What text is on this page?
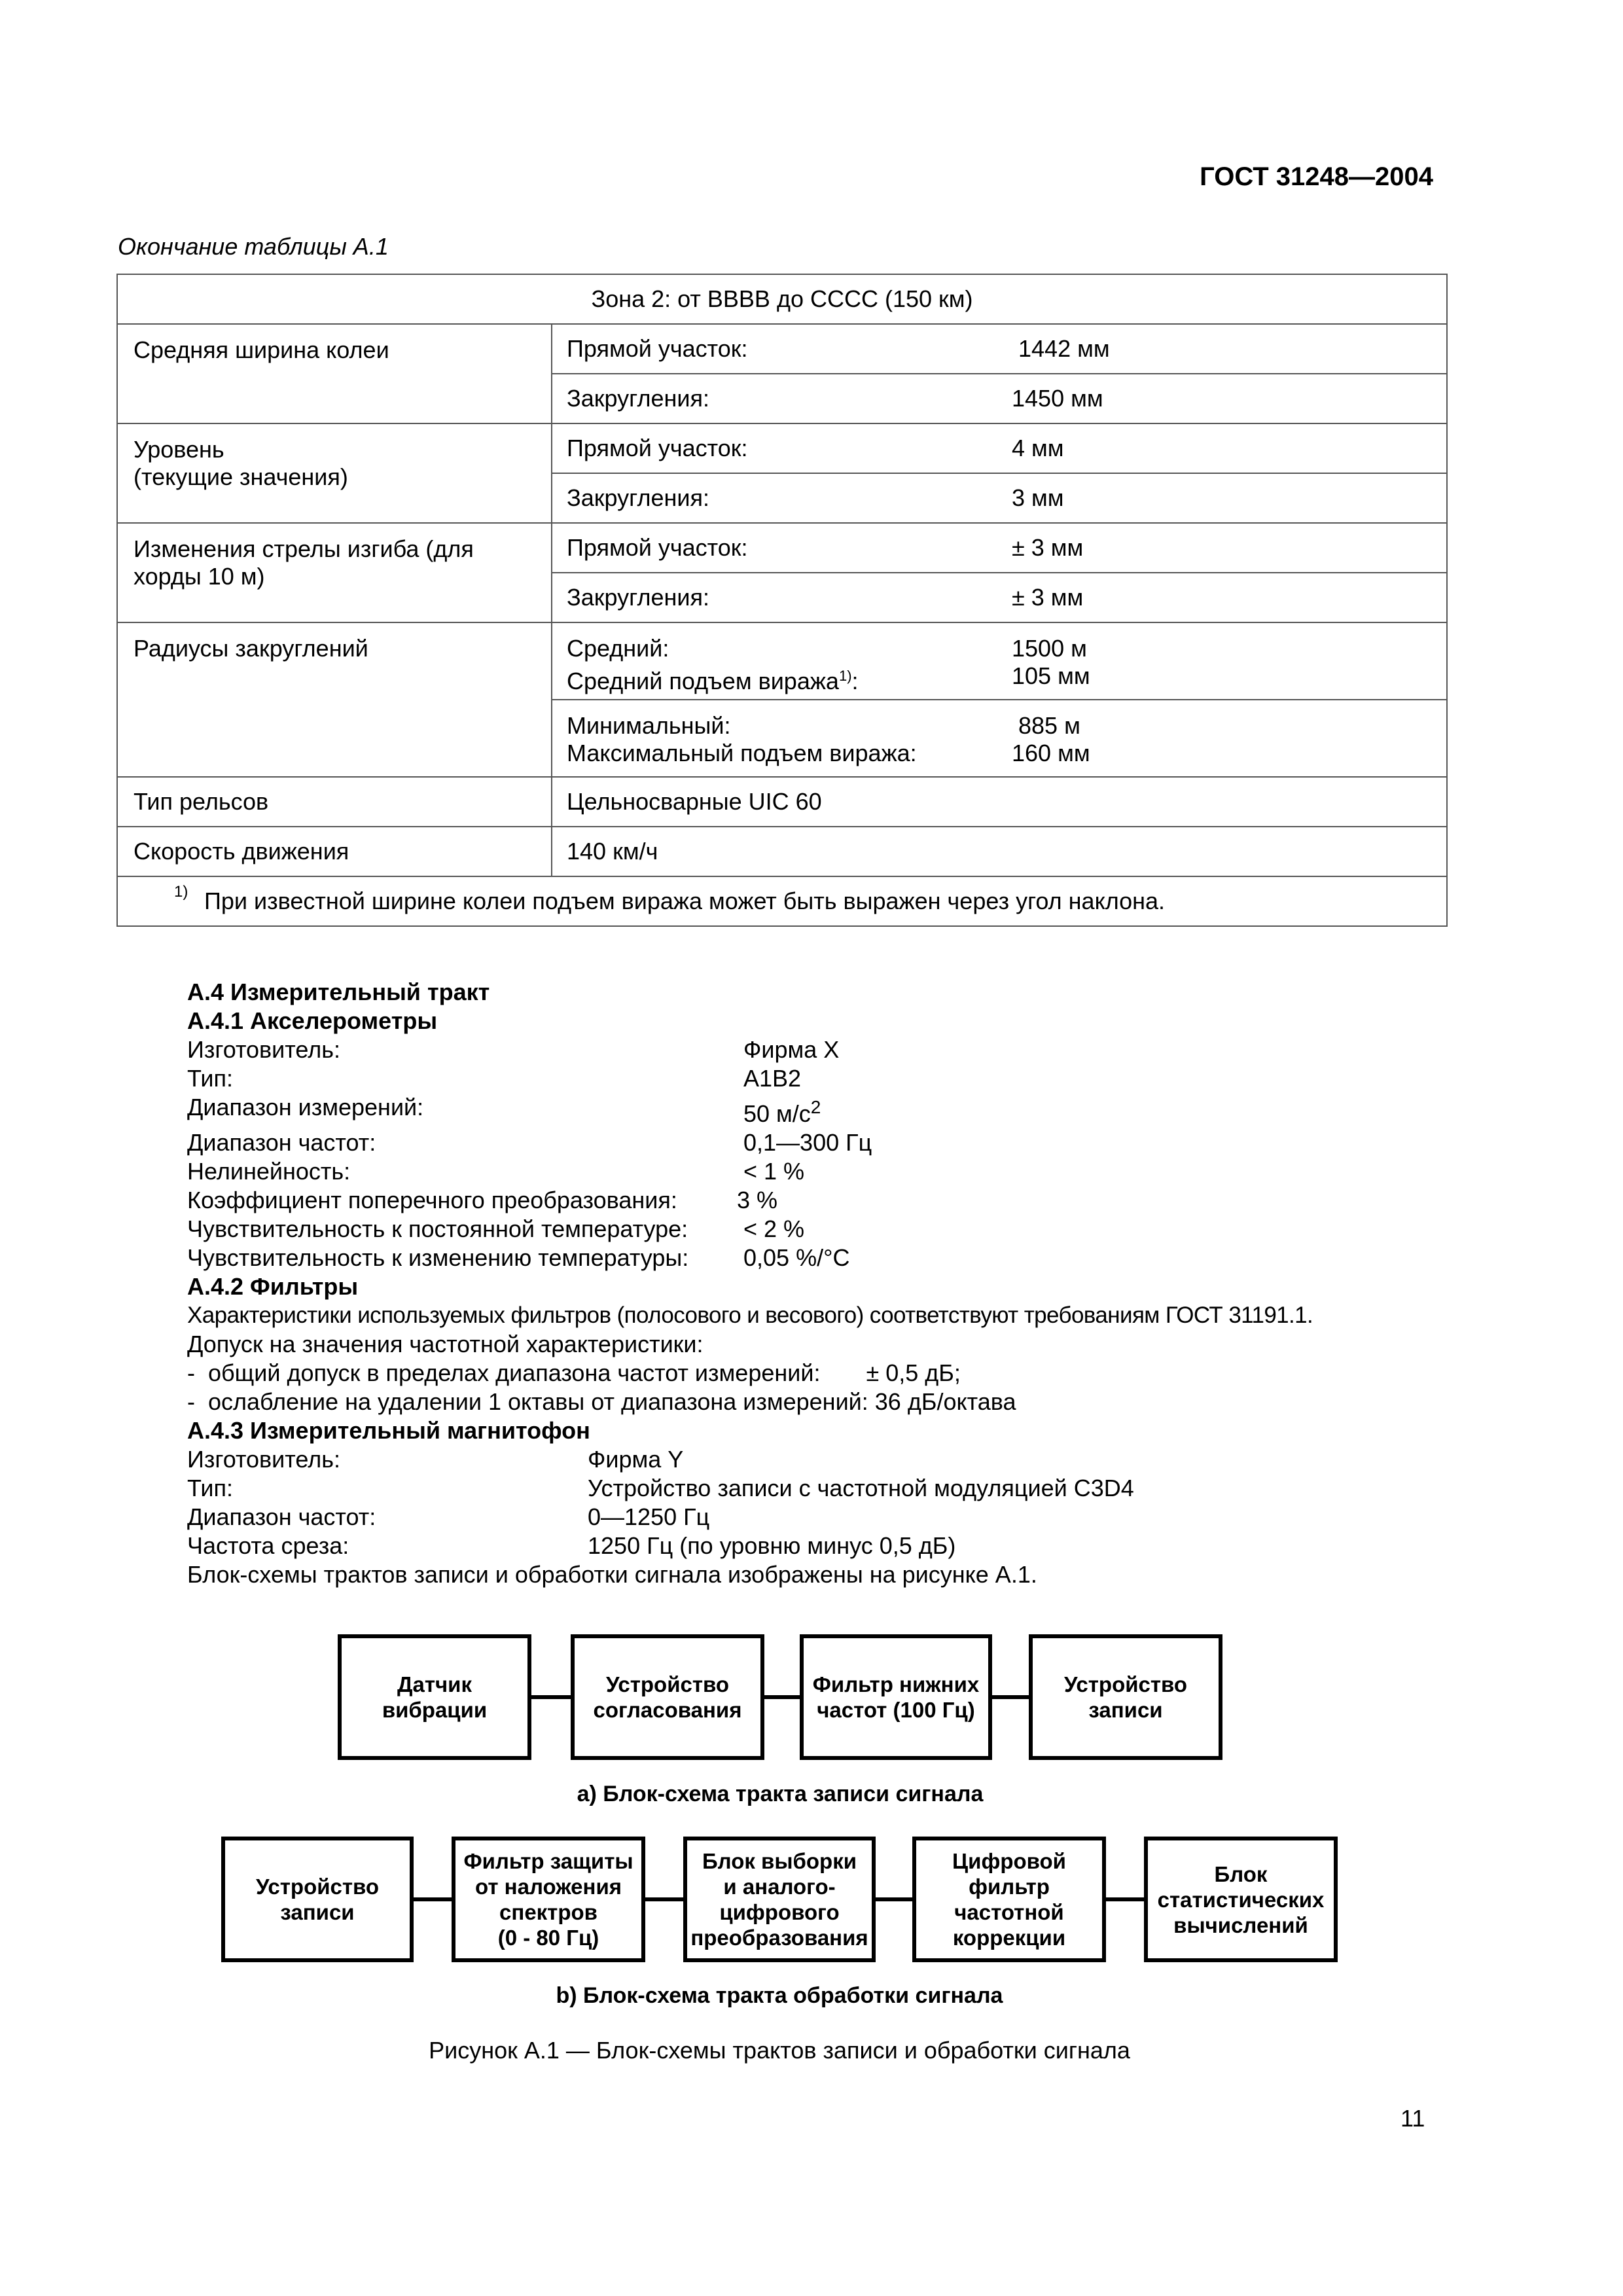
ГОСТ 31248—2004
Окончание таблицы А.1
Зона 2: от ВВВВ до СССС (150 км)	
Средняя ширина колеи	Прямой участок: 1442 мм

	Закругления: 1450 мм

Уровень
(текущие значения)	Прямой участок: 4 мм

	Закругления: 3 мм

Изменения стрелы изгиба (для
хорды 10 м)	Прямой участок: ± 3 мм

	Закругления: ± 3 мм

Радиусы закруглений	Средний: 1500 м
Средний подъем виража$^{1)}$: 105 мм

	Минимальный: 885 м
Максимальный подъем виража: 160 мм

Тип рельсов	Цельносварные UIC 60

Скорость движения	140 км/ч

1) При известной ширине колеи подъем виража может быть выражен через угол наклона.	
А.4 Измерительный тракт
А.4.1 Акселерометры
Изготовитель:	Фирма X
Тип:	A1B2
Диапазон измерений:	50 $м/с^2$
Диапазон частот:	0,1—300 Гц
Нелинейность:	< 1 %
Коэффициент поперечного преобразования:	3 %
Чувствительность к постоянной температуре:	< 2 %
Чувствительность к изменению температуры:	0,05 %/°С
А.4.2 Фильтры
Характеристики используемых фильтров (полосового и весового) соответствуют требованиям ГОСТ 31191.1.
Допуск на значения частотной характеристики:
-  общий допуск в пределах диапазона частот измерений:       ± 0,5 дБ;
-  ослабление на удалении 1 октавы от диапазона измерений: 36 дБ/октава
А.4.3 Измерительный магнитофон
Изготовитель:	Фирма Y
Тип:	Устройство записи с частотной модуляцией C3D4
Диапазон частот:	0—1250 Гц
Частота среза:	1250 Гц (по уровню минус 0,5 дБ)
Блок-схемы трактов записи и обработки сигнала изображены на рисунке А.1.
Датчик
вибрации
Устройство
согласования
Фильтр нижних
частот (100 Гц)
Устройство
записи
а) Блок-схема тракта записи сигнала
Устройство
записи
Фильтр защиты
от наложения
спектров
(0 - 80 Гц)
Блок выборки
и аналого-
цифрового
преобразования
Цифровой
фильтр
частотной
коррекции
Блок
статистических
вычислений
b) Блок-схема тракта обработки сигнала
Рисунок А.1 — Блок-схемы трактов записи и обработки сигнала
11
